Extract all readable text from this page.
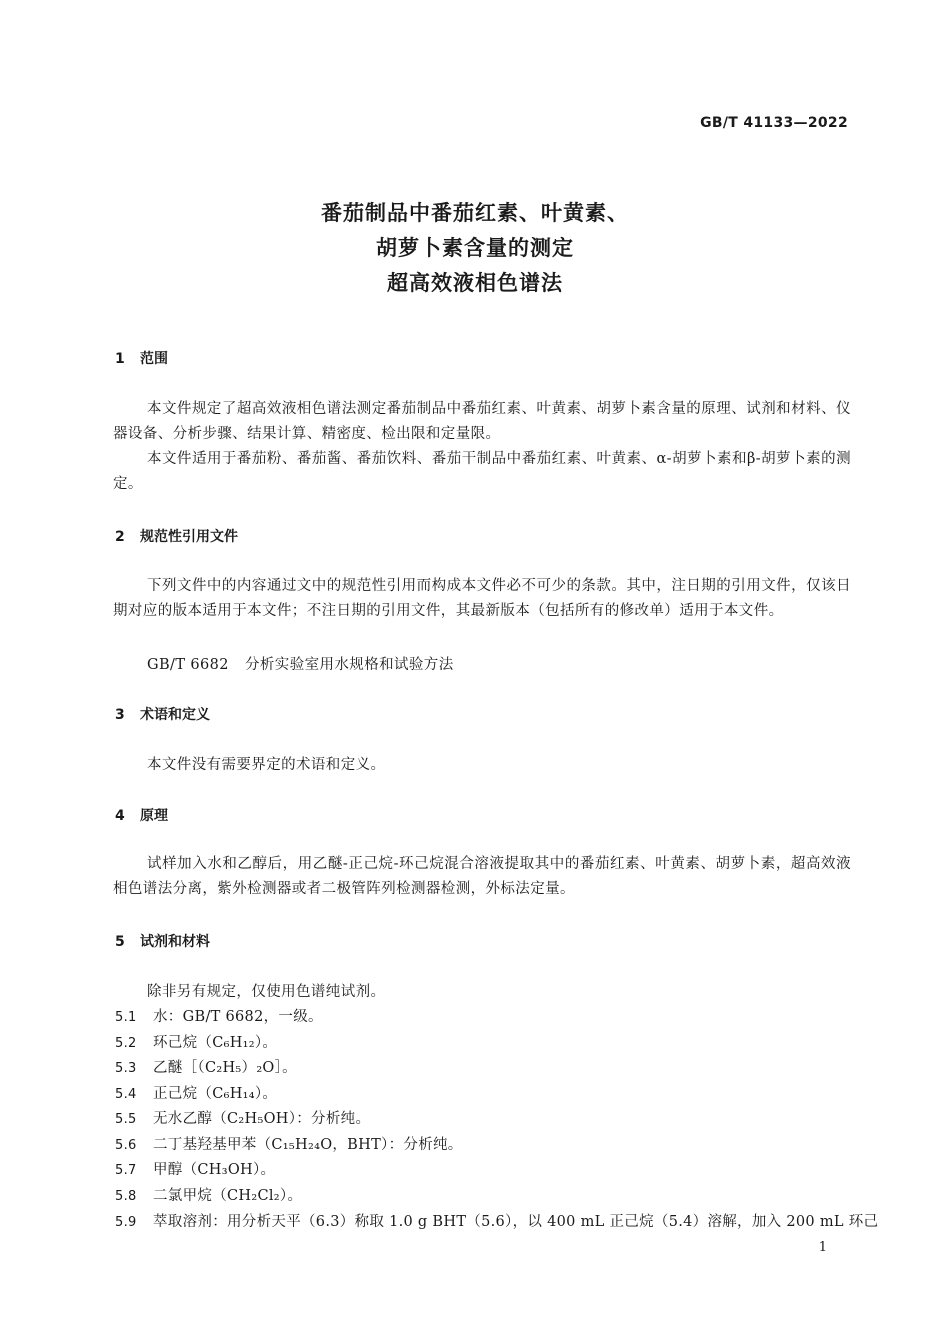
GB/T 41133—2022
番茄制品中番茄红素、叶黄素、
胡萝卜素含量的测定
超高效液相色谱法
1 范围
本文件规定了超高效液相色谱法测定番茄制品中番茄红素、叶黄素、胡萝卜素含量的原理、试剂和材料、仪器设备、分析步骤、结果计算、精密度、检出限和定量限。
本文件适用于番茄粉、番茄酱、番茄饮料、番茄干制品中番茄红素、叶黄素、α-胡萝卜素和β-胡萝卜素的测定。
2 规范性引用文件
下列文件中的内容通过文中的规范性引用而构成本文件必不可少的条款。其中，注日期的引用文件，仅该日期对应的版本适用于本文件；不注日期的引用文件，其最新版本（包括所有的修改单）适用于本文件。
GB/T 6682 分析实验室用水规格和试验方法
3 术语和定义
本文件没有需要界定的术语和定义。
4 原理
试样加入水和乙醇后，用乙醚-正己烷-环己烷混合溶液提取其中的番茄红素、叶黄素、胡萝卜素，超高效液相色谱法分离，紫外检测器或者二极管阵列检测器检测，外标法定量。
5 试剂和材料
除非另有规定，仅使用色谱纯试剂。
5.1 水：GB/T 6682，一级。
5.2 环己烷（C₆H₁₂）。
5.3 乙醚［（C₂H₅）₂O］。
5.4 正己烷（C₆H₁₄）。
5.5 无水乙醇（C₂H₅OH）：分析纯。
5.6 二丁基羟基甲苯（C₁₅H₂₄O，BHT）：分析纯。
5.7 甲醇（CH₃OH）。
5.8 二氯甲烷（CH₂Cl₂）。
5.9 萃取溶剂：用分析天平（6.3）称取 1.0 g BHT（5.6），以 400 mL 正己烷（5.4）溶解，加入 200 mL 环己
1
